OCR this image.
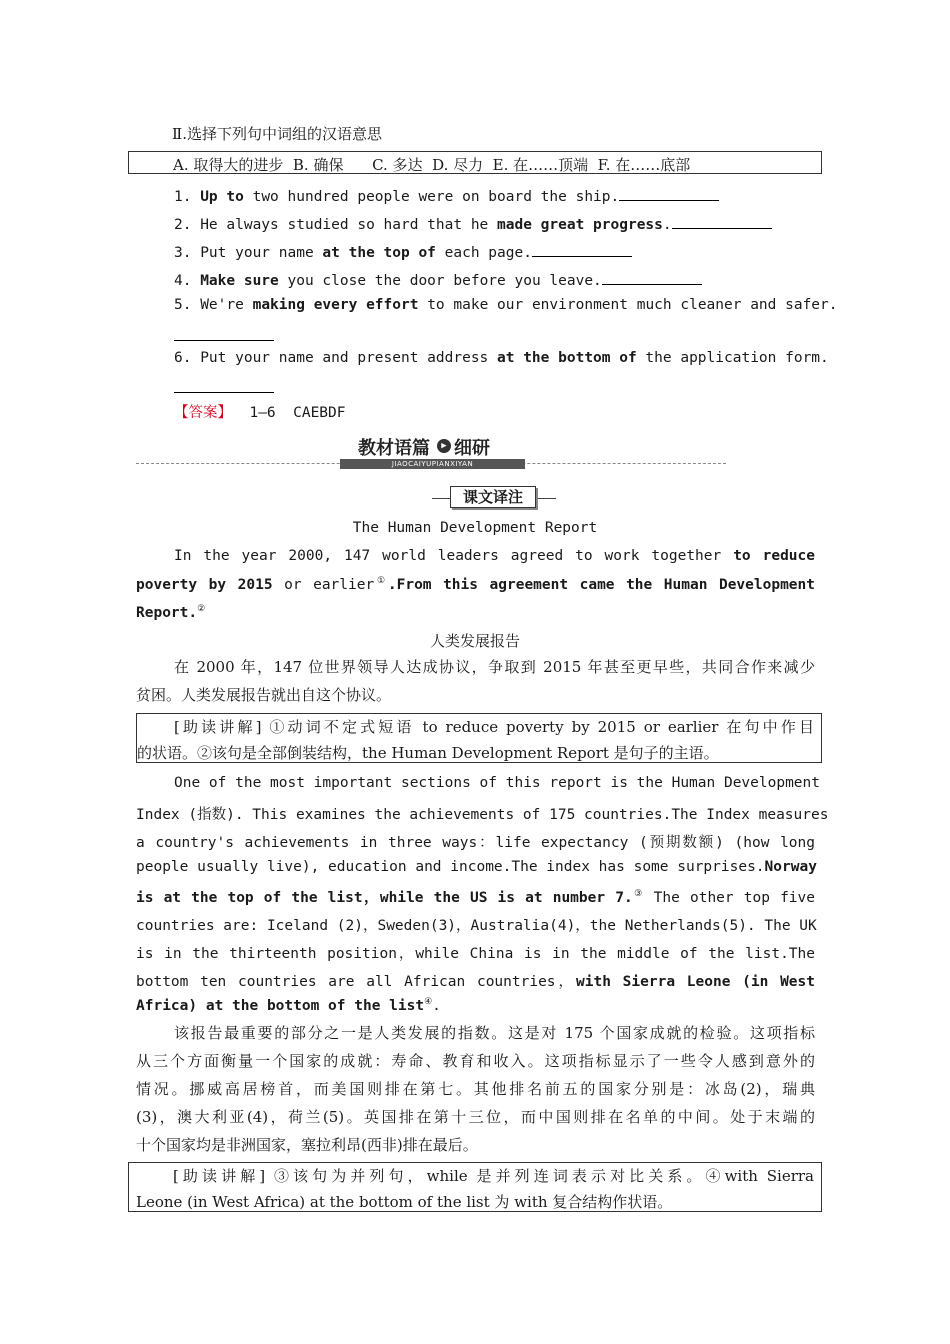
Ⅱ.选择下列句中词组的汉语意思
A. 取得大的进步  B. 确保      C. 多达  D. 尽力  E. 在……顶端  F. 在……底部
1. Up to two hundred people were on board the ship.
2. He always studied so hard that he made great progress.
3. Put your name at the top of each page.
4. Make sure you close the door before you leave.
5. We're making every effort to make our environment much cleaner and safer.
6. Put your name and present address at the bottom of the application form.
【答案】 1—6  CAEBDF
教材语篇	▶ 细研
JIAOCAIYUPIANXIYAN
课文译注
The Human Development Report
In the year 2000, 147 world leaders agreed to work together to reduce
poverty by 2015 or earlier①.From this agreement came the Human Development
Report.②
人类发展报告
在 2000 年，147 位世界领导人达成协议，争取到 2015 年甚至更早些，共同合作来减少
贫困。人类发展报告就出自这个协议。
[助读讲解] ①动词不定式短语 to reduce poverty by 2015 or earlier 在句中作目
的状语。②该句是全部倒装结构，the Human Development Report 是句子的主语。
One of the most important sections of this report is the Human Development
Index (指数). This examines the achievements of 175 countries.The Index measures
a country's achievements in three ways：life expectancy (预期数额) (how long
people usually live), education and income.The index has some surprises.Norway
is at the top of the list，while the US is at number 7.③ The other top five
countries are: Iceland (2)，Sweden(3)，Australia(4)，the Netherlands(5). The UK
is in the thirteenth position，while China is in the middle of the list.The
bottom ten countries are all African countries，with Sierra Leone (in West
Africa) at the bottom of the list④.
该报告最重要的部分之一是人类发展的指数。这是对 175 个国家成就的检验。这项指标
从三个方面衡量一个国家的成就：寿命、教育和收入。这项指标显示了一些令人感到意外的
情况。挪威高居榜首，而美国则排在第七。其他排名前五的国家分别是：冰岛(2)，瑞典
(3)，澳大利亚(4)，荷兰(5)。英国排在第十三位，而中国则排在名单的中间。处于末端的
十个国家均是非洲国家，塞拉利昂(西非)排在最后。
[助读讲解] ③该句为并列句，while 是并列连词表示对比关系。④with Sierra
Leone (in West Africa) at the bottom of the list 为 with 复合结构作状语。
